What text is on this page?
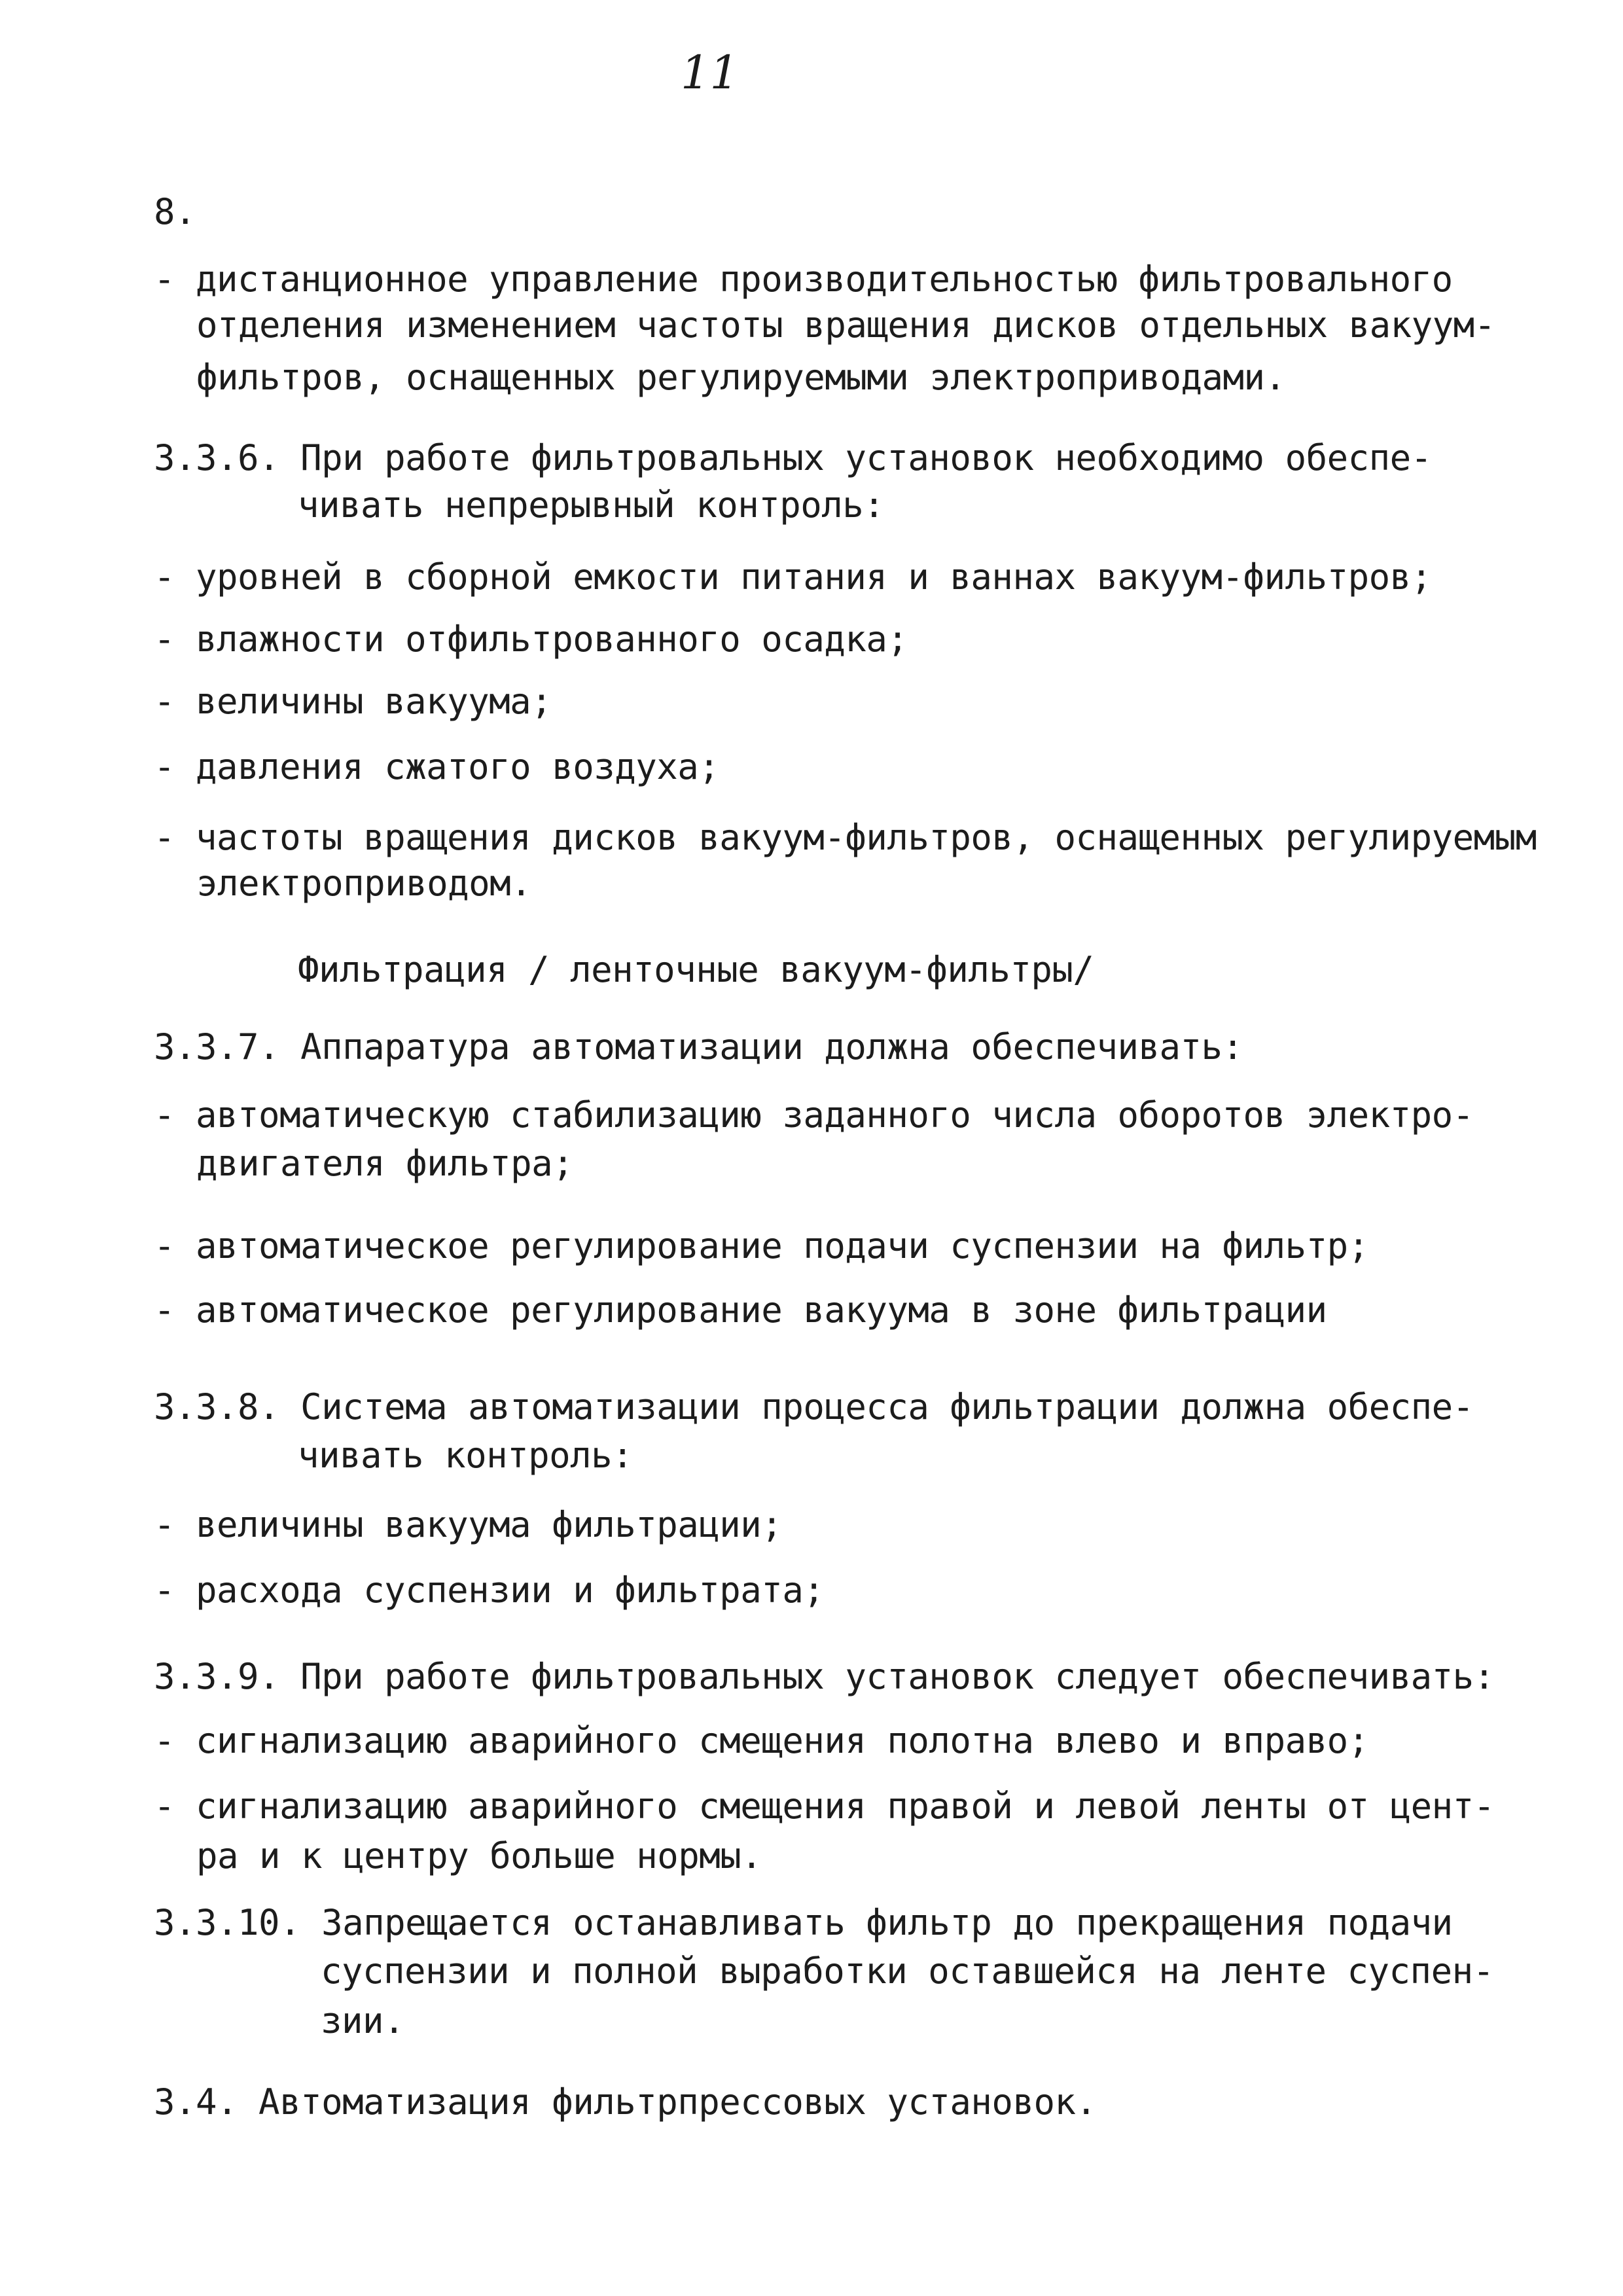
11
8.
- дистанционное управление производительностью фильтровального
отделения изменением частоты вращения дисков отдельных вакуум-
фильтров, оснащенных регулируемыми электроприводами.
3.3.6. При работе фильтровальных установок необходимо обеспе-
чивать непрерывный контроль:
- уровней в сборной емкости питания и ваннах вакуум-фильтров;
- влажности отфильтрованного осадка;
- величины вакуума;
- давления сжатого воздуха;
- частоты вращения дисков вакуум-фильтров, оснащенных регулируемым
электроприводом.
Фильтрация / ленточные вакуум-фильтры/
3.3.7. Аппаратура автоматизации должна обеспечивать:
- автоматическую стабилизацию заданного числа оборотов электро-
двигателя фильтра;
- автоматическое регулирование подачи суспензии на фильтр;
- автоматическое регулирование вакуума в зоне фильтрации
3.3.8. Система автоматизации процесса фильтрации должна обеспе-
чивать контроль:
- величины вакуума фильтрации;
- расхода суспензии и фильтрата;
3.3.9. При работе фильтровальных установок следует обеспечивать:
- сигнализацию аварийного смещения полотна влево и вправо;
- сигнализацию аварийного смещения правой и левой ленты от цент-
ра и к центру больше нормы.
3.3.10. Запрещается останавливать фильтр до прекращения подачи
суспензии и полной выработки оставшейся на ленте суспен-
зии.
3.4. Автоматизация фильтрпрессовых установок.
